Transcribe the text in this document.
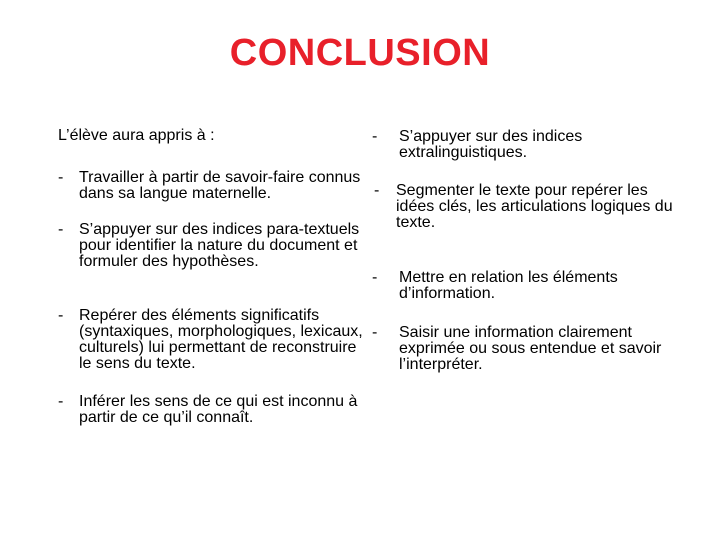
CONCLUSION
L’élève aura appris à :
- Travailler à partir de savoir-faire connus dans sa langue maternelle.
- S’appuyer sur des indices para-textuels pour identifier la nature du document et formuler des hypothèses.
- Repérer des éléments significatifs (syntaxiques, morphologiques, lexicaux, culturels) lui permettant de reconstruire le sens du texte.
- Inférer les sens de ce qui est inconnu à partir de ce qu’il connaît.
- S’appuyer sur des indices extralinguistiques.
- Segmenter le texte pour repérer les idées clés, les articulations logiques du texte.
- Mettre en relation les éléments d’information.
- Saisir une information clairement exprimée ou sous entendue et savoir l’interpréter.
